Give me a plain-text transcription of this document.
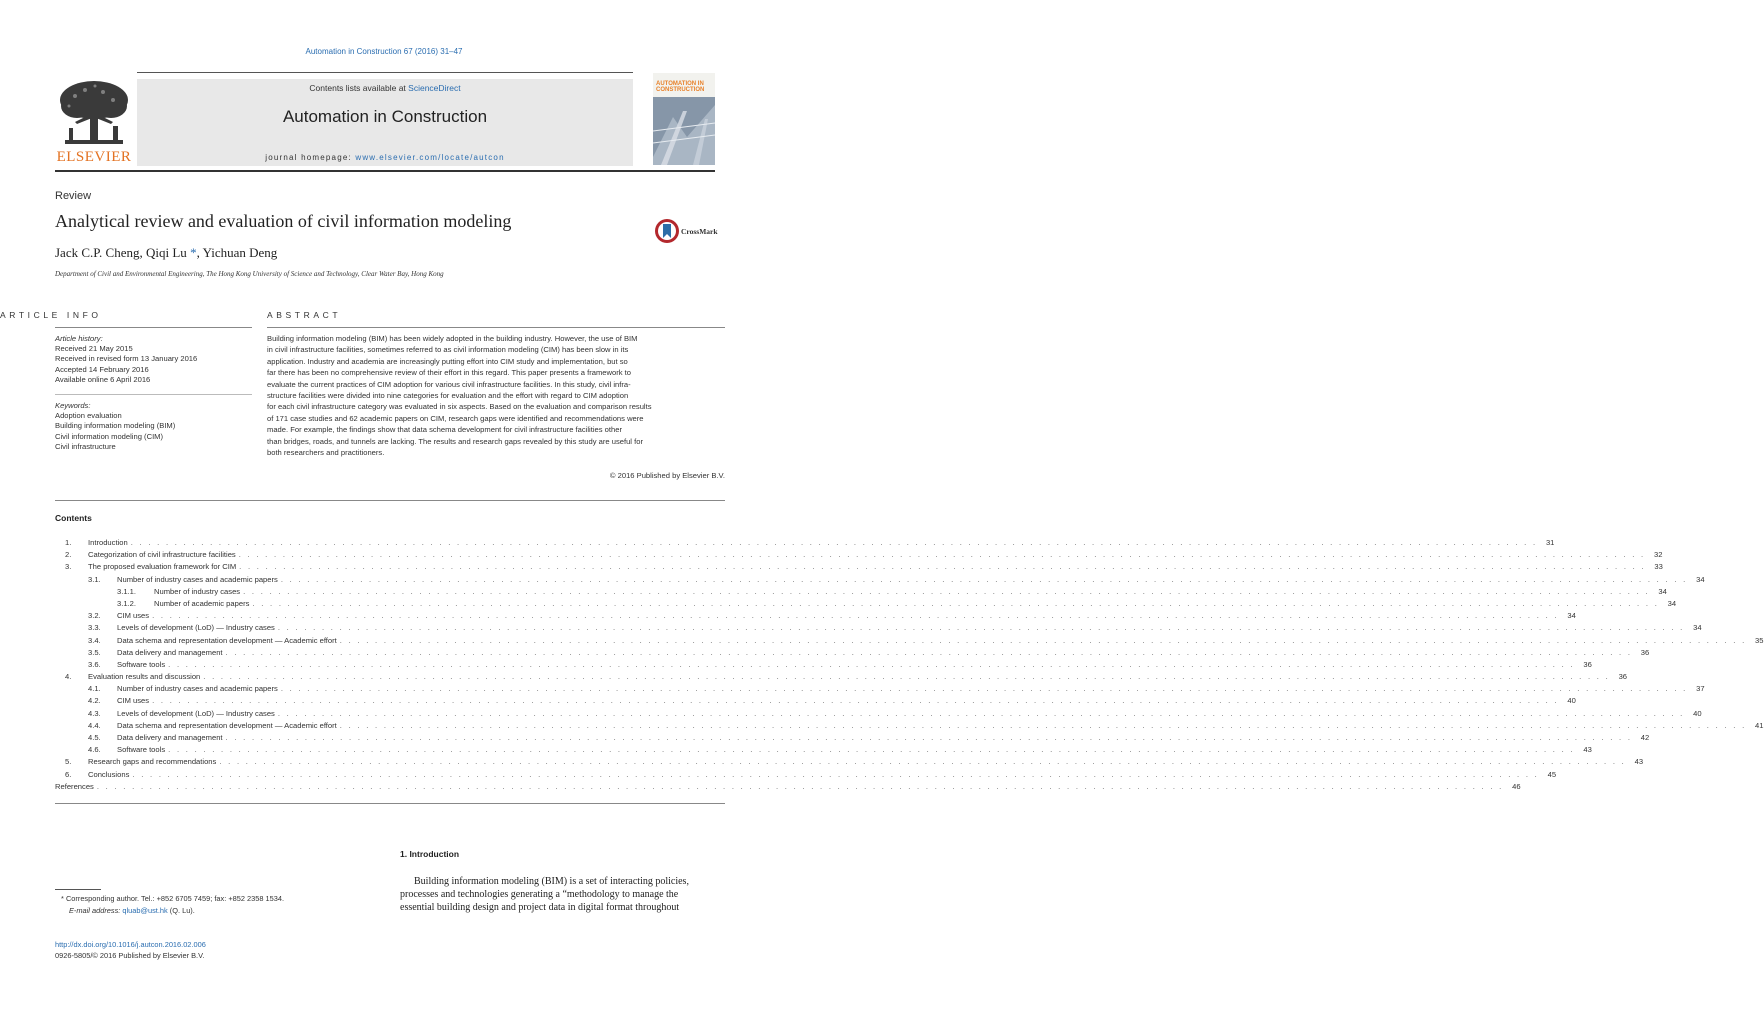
Automation in Construction 67 (2016) 31–47
ELSEVIER
Contents lists available at ScienceDirect
Automation in Construction
journal homepage: www.elsevier.com/locate/autcon
AUTOMATION IN
CONSTRUCTION
Review
Analytical review and evaluation of civil information modeling
Jack C.P. Cheng, Qiqi Lu *, Yichuan Deng
Department of Civil and Environmental Engineering, The Hong Kong University of Science and Technology, Clear Water Bay, Hong Kong
CrossMark
ARTICLE INFO	ABSTRACT
Article history:
Received 21 May 2015
Received in revised form 13 January 2016
Accepted 14 February 2016
Available online 6 April 2016
Keywords:
Adoption evaluation
Building information modeling (BIM)
Civil information modeling (CIM)
Civil infrastructure
Building information modeling (BIM) has been widely adopted in the building industry. However, the use of BIM
in civil infrastructure facilities, sometimes referred to as civil information modeling (CIM) has been slow in its
application. Industry and academia are increasingly putting effort into CIM study and implementation, but so
far there has been no comprehensive review of their effort in this regard. This paper presents a framework to
evaluate the current practices of CIM adoption for various civil infrastructure facilities. In this study, civil infra-
structure facilities were divided into nine categories for evaluation and the effort with regard to CIM adoption
for each civil infrastructure category was evaluated in six aspects. Based on the evaluation and comparison results
of 171 case studies and 62 academic papers on CIM, research gaps were identified and recommendations were
made. For example, the findings show that data schema development for civil infrastructure facilities other
than bridges, roads, and tunnels are lacking. The results and research gaps revealed by this study are useful for
both researchers and practitioners.
© 2016 Published by Elsevier B.V.
Contents
1.	Introduction . . . . . . . . . . . . . . . . . . . . . . . . . . . . . . . . . . . . . . . . . . . . . . . . . . . . . . . . . . . . . . . . . . . . . . . . . . . . . . . . . . . . . . . . . . . . . . . . . . . . . . . . . . . . . . . . . . . . . . . . . . . . . . . . . . . . . . . . . . . . . . . . . . . . . . . . . . . . . . . .	31
2.	Categorization of civil infrastructure facilities . . . . . . . . . . . . . . . . . . . . . . . . . . . . . . . . . . . . . . . . . . . . . . . . . . . . . . . . . . . . . . . . . . . . . . . . . . . . . . . . . . . . . . . . . . . . . . . . . . . . . . . . . . . . . . . . . . . . . . . . . . . . . . . . . . . . . . . . . . . . . . . . . . . . . . . . . . . . . . . .	32
3.	The proposed evaluation framework for CIM . . . . . . . . . . . . . . . . . . . . . . . . . . . . . . . . . . . . . . . . . . . . . . . . . . . . . . . . . . . . . . . . . . . . . . . . . . . . . . . . . . . . . . . . . . . . . . . . . . . . . . . . . . . . . . . . . . . . . . . . . . . . . . . . . . . . . . . . . . . . . . . . . . . . . . . . . . . . . . . .	33
3.1.	Number of industry cases and academic papers . . . . . . . . . . . . . . . . . . . . . . . . . . . . . . . . . . . . . . . . . . . . . . . . . . . . . . . . . . . . . . . . . . . . . . . . . . . . . . . . . . . . . . . . . . . . . . . . . . . . . . . . . . . . . . . . . . . . . . . . . . . . . . . . . . . . . . . . . . . . . . . . . . . . . . . . . . . . . . . .	34
3.1.1.	Number of industry cases . . . . . . . . . . . . . . . . . . . . . . . . . . . . . . . . . . . . . . . . . . . . . . . . . . . . . . . . . . . . . . . . . . . . . . . . . . . . . . . . . . . . . . . . . . . . . . . . . . . . . . . . . . . . . . . . . . . . . . . . . . . . . . . . . . . . . . . . . . . . . . . . . . . . . . . . . . . . . . . .	34
3.1.2.	Number of academic papers . . . . . . . . . . . . . . . . . . . . . . . . . . . . . . . . . . . . . . . . . . . . . . . . . . . . . . . . . . . . . . . . . . . . . . . . . . . . . . . . . . . . . . . . . . . . . . . . . . . . . . . . . . . . . . . . . . . . . . . . . . . . . . . . . . . . . . . . . . . . . . . . . . . . . . . . . . . . . . . .	34
3.2.	CIM uses . . . . . . . . . . . . . . . . . . . . . . . . . . . . . . . . . . . . . . . . . . . . . . . . . . . . . . . . . . . . . . . . . . . . . . . . . . . . . . . . . . . . . . . . . . . . . . . . . . . . . . . . . . . . . . . . . . . . . . . . . . . . . . . . . . . . . . . . . . . . . . . . . . . . . . . . . . . . . . . .	34
3.3.	Levels of development (LoD) — Industry cases . . . . . . . . . . . . . . . . . . . . . . . . . . . . . . . . . . . . . . . . . . . . . . . . . . . . . . . . . . . . . . . . . . . . . . . . . . . . . . . . . . . . . . . . . . . . . . . . . . . . . . . . . . . . . . . . . . . . . . . . . . . . . . . . . . . . . . . . . . . . . . . . . . . . . . . . . . . . . . . .	34
3.4.	Data schema and representation development — Academic effort . . . . . . . . . . . . . . . . . . . . . . . . . . . . . . . . . . . . . . . . . . . . . . . . . . . . . . . . . . . . . . . . . . . . . . . . . . . . . . . . . . . . . . . . . . . . . . . . . . . . . . . . . . . . . . . . . . . . . . . . . . . . . . . . . . . . . . . . . . . . . . . . . . . . . . . . . . . . . . . .	35
3.5.	Data delivery and management . . . . . . . . . . . . . . . . . . . . . . . . . . . . . . . . . . . . . . . . . . . . . . . . . . . . . . . . . . . . . . . . . . . . . . . . . . . . . . . . . . . . . . . . . . . . . . . . . . . . . . . . . . . . . . . . . . . . . . . . . . . . . . . . . . . . . . . . . . . . . . . . . . . . . . . . . . . . . . . .	36
3.6.	Software tools . . . . . . . . . . . . . . . . . . . . . . . . . . . . . . . . . . . . . . . . . . . . . . . . . . . . . . . . . . . . . . . . . . . . . . . . . . . . . . . . . . . . . . . . . . . . . . . . . . . . . . . . . . . . . . . . . . . . . . . . . . . . . . . . . . . . . . . . . . . . . . . . . . . . . . . . . . . . . . . .	36
4.	Evaluation results and discussion . . . . . . . . . . . . . . . . . . . . . . . . . . . . . . . . . . . . . . . . . . . . . . . . . . . . . . . . . . . . . . . . . . . . . . . . . . . . . . . . . . . . . . . . . . . . . . . . . . . . . . . . . . . . . . . . . . . . . . . . . . . . . . . . . . . . . . . . . . . . . . . . . . . . . . . . . . . . . . . .	36
4.1.	Number of industry cases and academic papers . . . . . . . . . . . . . . . . . . . . . . . . . . . . . . . . . . . . . . . . . . . . . . . . . . . . . . . . . . . . . . . . . . . . . . . . . . . . . . . . . . . . . . . . . . . . . . . . . . . . . . . . . . . . . . . . . . . . . . . . . . . . . . . . . . . . . . . . . . . . . . . . . . . . . . . . . . . . . . . .	37
4.2.	CIM uses . . . . . . . . . . . . . . . . . . . . . . . . . . . . . . . . . . . . . . . . . . . . . . . . . . . . . . . . . . . . . . . . . . . . . . . . . . . . . . . . . . . . . . . . . . . . . . . . . . . . . . . . . . . . . . . . . . . . . . . . . . . . . . . . . . . . . . . . . . . . . . . . . . . . . . . . . . . . . . . .	40
4.3.	Levels of development (LoD) — Industry cases . . . . . . . . . . . . . . . . . . . . . . . . . . . . . . . . . . . . . . . . . . . . . . . . . . . . . . . . . . . . . . . . . . . . . . . . . . . . . . . . . . . . . . . . . . . . . . . . . . . . . . . . . . . . . . . . . . . . . . . . . . . . . . . . . . . . . . . . . . . . . . . . . . . . . . . . . . . . . . . .	40
4.4.	Data schema and representation development — Academic effort . . . . . . . . . . . . . . . . . . . . . . . . . . . . . . . . . . . . . . . . . . . . . . . . . . . . . . . . . . . . . . . . . . . . . . . . . . . . . . . . . . . . . . . . . . . . . . . . . . . . . . . . . . . . . . . . . . . . . . . . . . . . . . . . . . . . . . . . . . . . . . . . . . . . . . . . . . . . . . . .	41
4.5.	Data delivery and management . . . . . . . . . . . . . . . . . . . . . . . . . . . . . . . . . . . . . . . . . . . . . . . . . . . . . . . . . . . . . . . . . . . . . . . . . . . . . . . . . . . . . . . . . . . . . . . . . . . . . . . . . . . . . . . . . . . . . . . . . . . . . . . . . . . . . . . . . . . . . . . . . . . . . . . . . . . . . . . .	42
4.6.	Software tools . . . . . . . . . . . . . . . . . . . . . . . . . . . . . . . . . . . . . . . . . . . . . . . . . . . . . . . . . . . . . . . . . . . . . . . . . . . . . . . . . . . . . . . . . . . . . . . . . . . . . . . . . . . . . . . . . . . . . . . . . . . . . . . . . . . . . . . . . . . . . . . . . . . . . . . . . . . . . . . .	43
5.	Research gaps and recommendations . . . . . . . . . . . . . . . . . . . . . . . . . . . . . . . . . . . . . . . . . . . . . . . . . . . . . . . . . . . . . . . . . . . . . . . . . . . . . . . . . . . . . . . . . . . . . . . . . . . . . . . . . . . . . . . . . . . . . . . . . . . . . . . . . . . . . . . . . . . . . . . . . . . . . . . . . . . . . . . .	43
6.	Conclusions . . . . . . . . . . . . . . . . . . . . . . . . . . . . . . . . . . . . . . . . . . . . . . . . . . . . . . . . . . . . . . . . . . . . . . . . . . . . . . . . . . . . . . . . . . . . . . . . . . . . . . . . . . . . . . . . . . . . . . . . . . . . . . . . . . . . . . . . . . . . . . . . . . . . . . . . . . . . . . . .	45
References . . . . . . . . . . . . . . . . . . . . . . . . . . . . . . . . . . . . . . . . . . . . . . . . . . . . . . . . . . . . . . . . . . . . . . . . . . . . . . . . . . . . . . . . . . . . . . . . . . . . . . . . . . . . . . . . . . . . . . . . . . . . . . . . . . . . . . . . . . . . . . . . . . . . . . . . . . . . . . . .	46
1. Introduction
Building information modeling (BIM) is a set of interacting policies,
processes and technologies generating a “methodology to manage the
essential building design and project data in digital format throughout
* Corresponding author. Tel.: +852 6705 7459; fax: +852 2358 1534.
E-mail address: qluab@ust.hk (Q. Lu).
http://dx.doi.org/10.1016/j.autcon.2016.02.006
0926-5805/© 2016 Published by Elsevier B.V.
